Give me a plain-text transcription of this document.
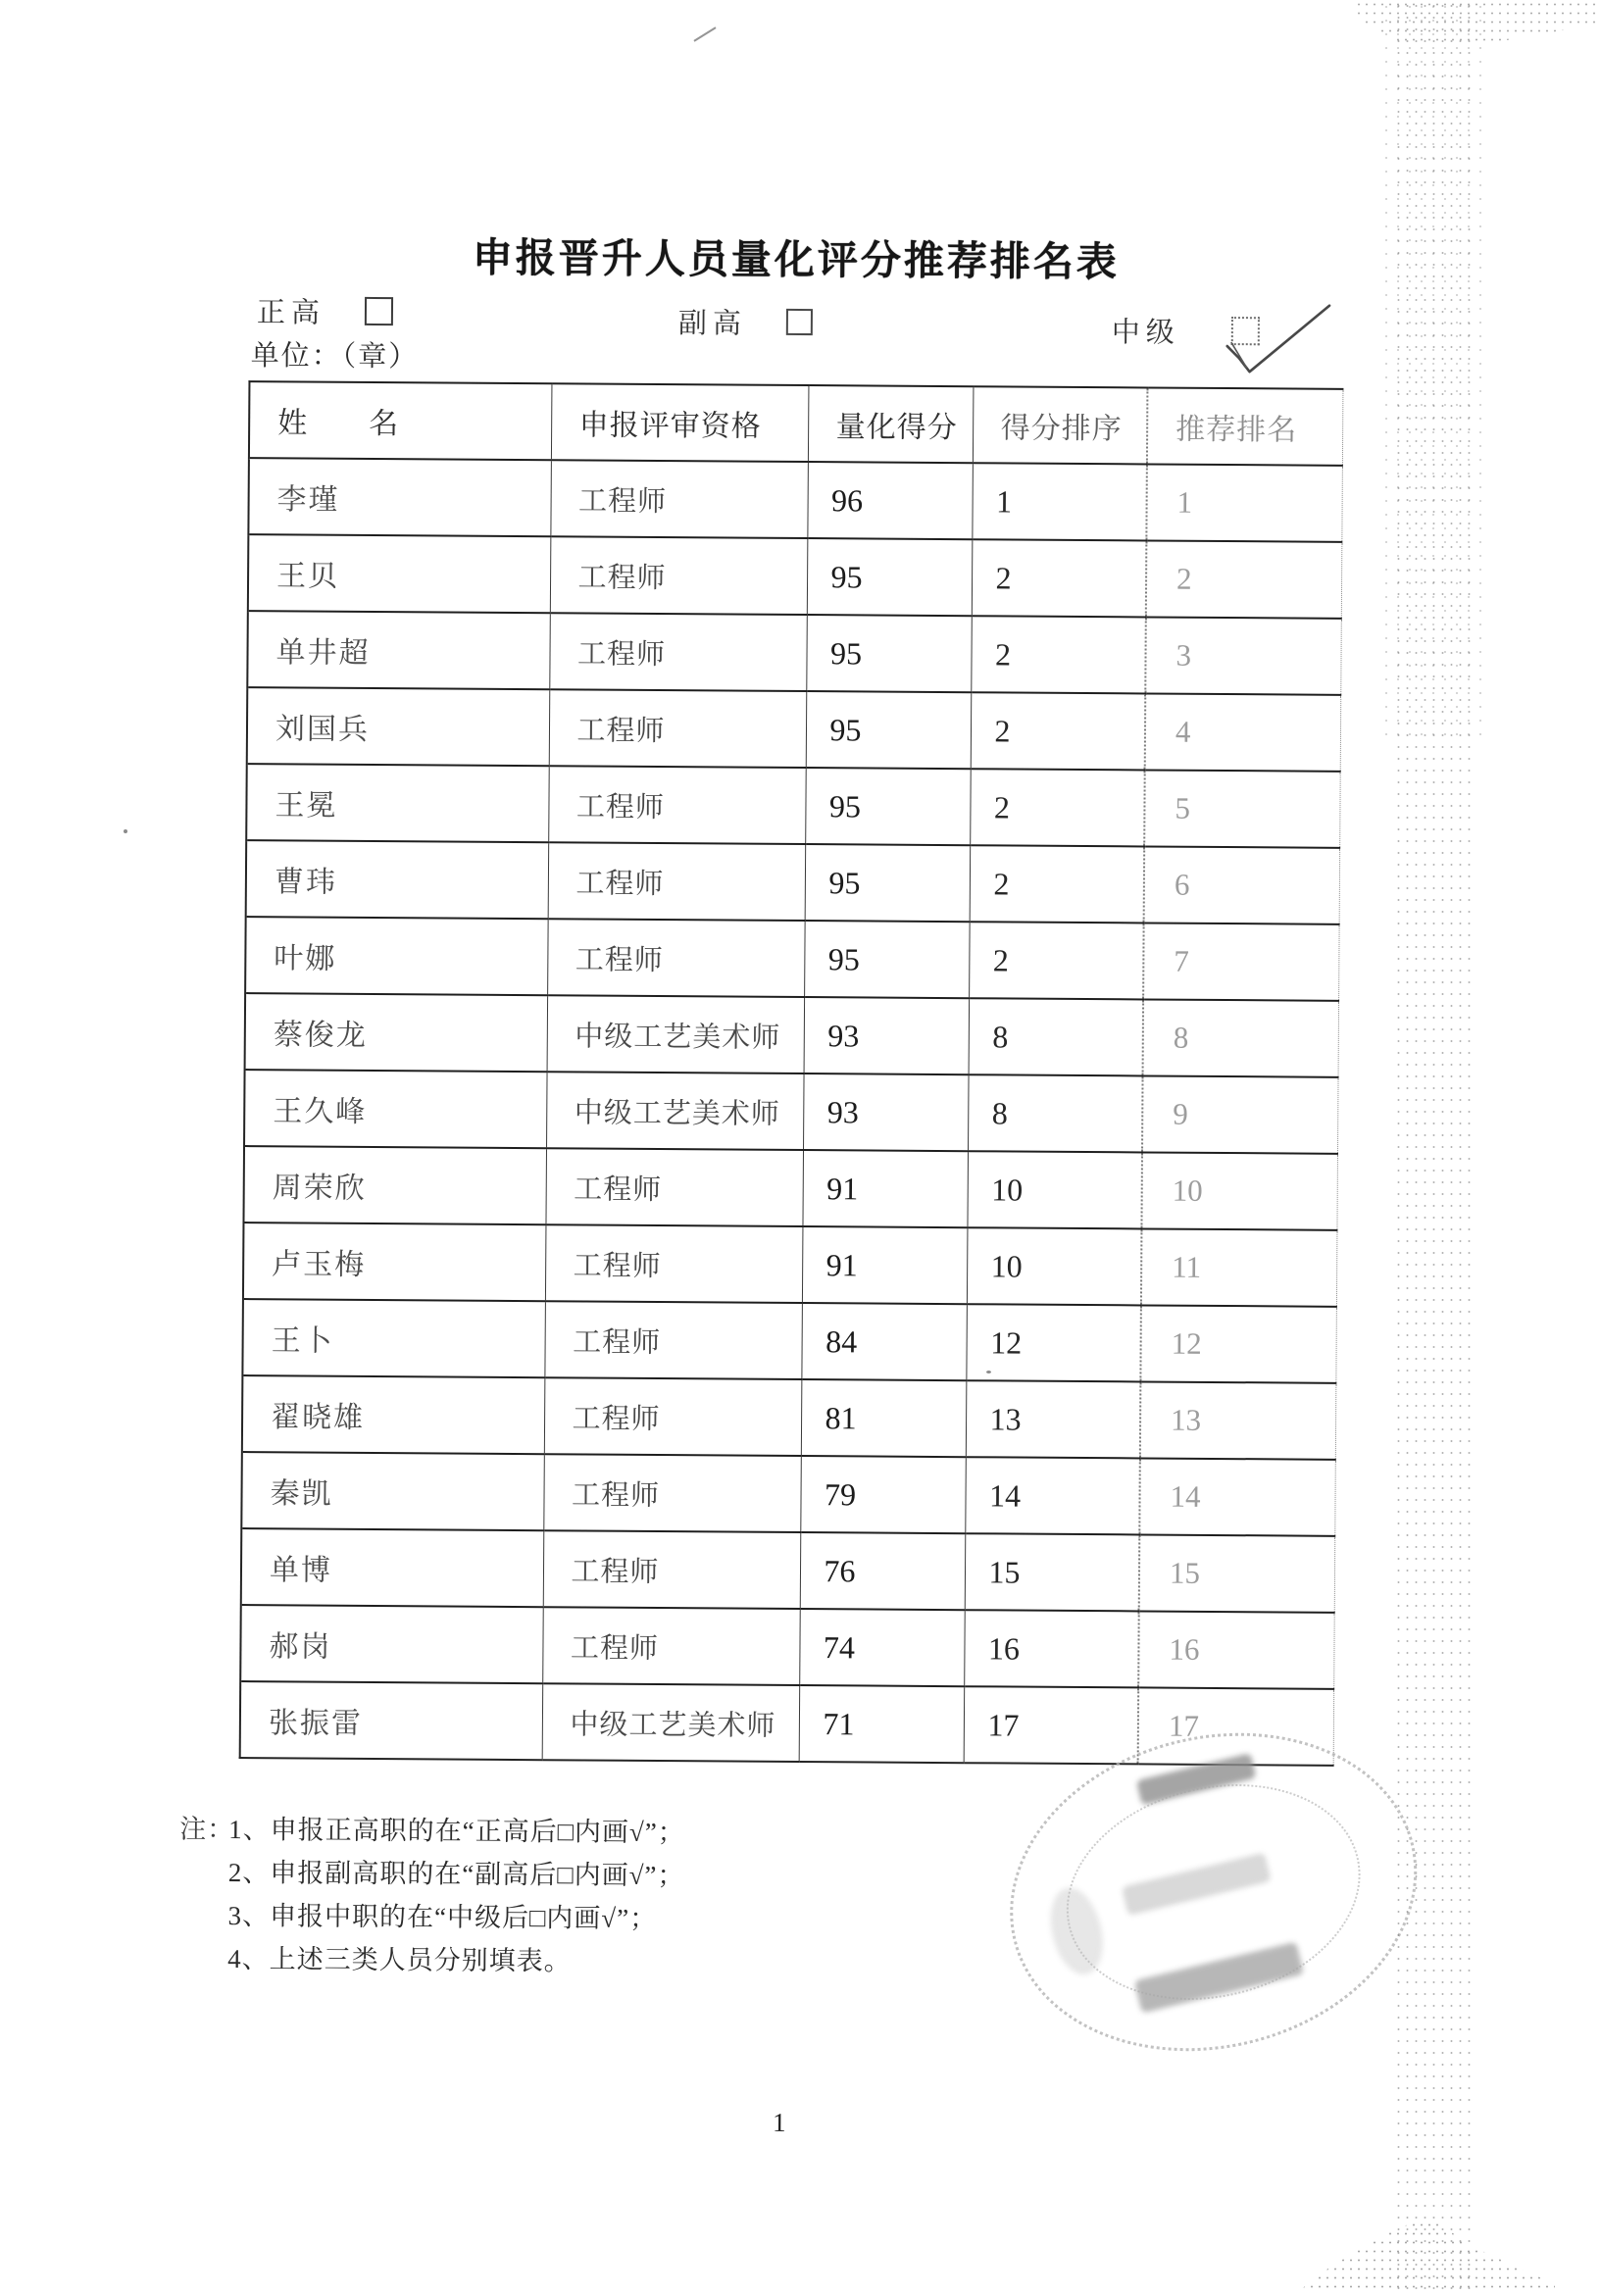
申报晋升人员量化评分推荐排名表
正高	副高	中级
单位：（章）
姓　　名	申报评审资格	量化得分	得分排序	推荐排名
李瑾	工程师	96	1	1
王贝	工程师	95	2	2
单井超	工程师	95	2	3
刘国兵	工程师	95	2	4
王冕	工程师	95	2	5
曹玮	工程师	95	2	6
叶娜	工程师	95	2	7
蔡俊龙	中级工艺美术师	93	8	8
王久峰	中级工艺美术师	93	8	9
周荣欣	工程师	91	10	10
卢玉梅	工程师	91	10	11
王卜	工程师	84	12	12
翟晓雄	工程师	81	13	13
秦凯	工程师	79	14	14
单博	工程师	76	15	15
郝岗	工程师	74	16	16
张振雷	中级工艺美术师	71	17	17
注：1、申报正高职的在“正高后□内画√”；
2、申报副高职的在“副高后□内画√”；
3、申报中职的在“中级后□内画√”；
4、上述三类人员分别填表。
1
